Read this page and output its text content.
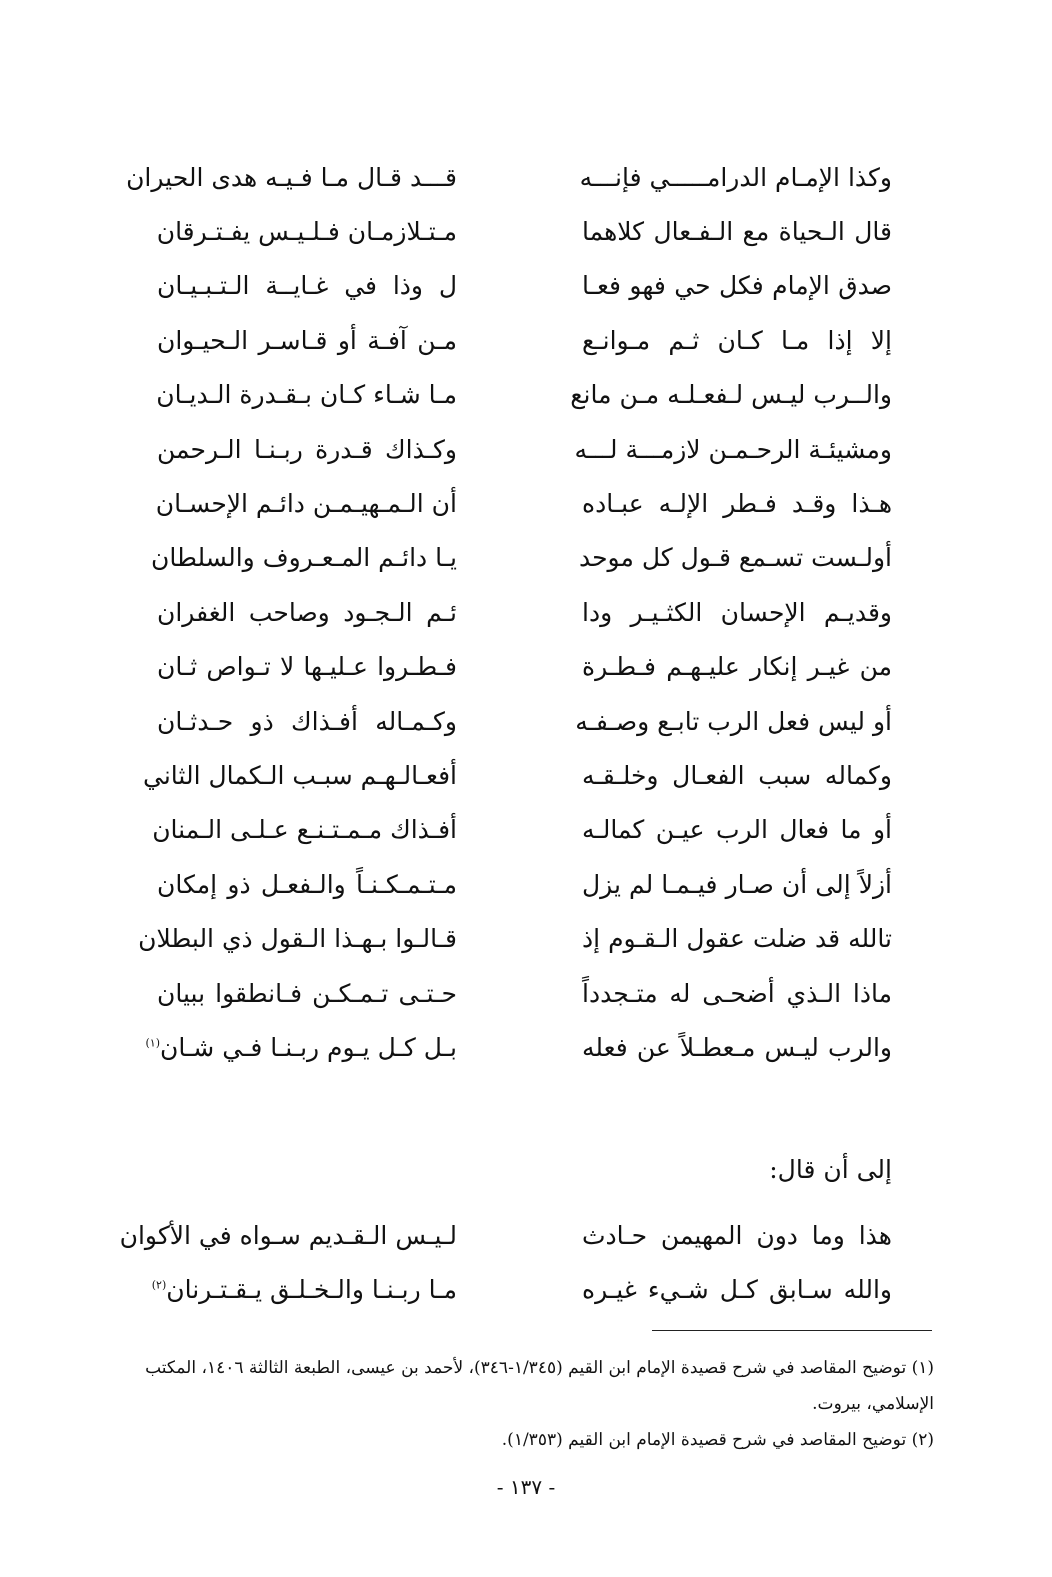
وكذا الإمـام الدرامـــــي فإنـــه
قـــد قـال مـا فـيـه هدى الحيران
قال الـحياة مع الـفـعال كلاهما
مـتـلازمـان فـلـيـس يفـتـرقان
صدق الإمام فكل حي فهو فعـا
ل وذا في غـايــة الـتـبـيـان
إلا إذا مـا كـان ثـم مـوانـع
مـن آفـة أو قـاسـر الـحيـوان
والــرب ليـس لـفعـلـه مـن مانع
مـا شـاء كـان بـقـدرة الـديـان
ومشيئـة الرحـمـن لازمـــة لـــه
وكـذاك قـدرة ربـنـا الـرحمن
هـذا وقـد فـطر الإلـه عبـاده
أن الـمـهيـمـن دائـم الإحسـان
أولـست تسـمع قـول كل موحد
يـا دائـم المـعـروف والسلطان
وقديـم الإحسان الكثـيـر ودا
ئـم الـجـود وصاحب الغفران
من غيـر إنكار عليـهـم فـطـرة
فـطـروا عـليـها لا تـواص ثـان
أو ليس فعل الرب تابـع وصـفـه
وكـمـاله أفـذاك ذو حـدثـان
وكماله سبب الفعـال وخلـقـه
أفعـالـهـم سبـب الـكمال الثاني
أو ما فعال الرب عيـن كمالـه
أفـذاك مـمـتـنـع عـلـى الـمنان
أزلاً إلى أن صـار فيـمـا لم يزل
مـتـمـكـنـاً والـفعـل ذو إمكان
تالله قد ضلت عقول الـقـوم إذ
قـالـوا بـهـذا الـقول ذي البطلان
ماذا الـذي أضحـى له متـجدداً
حـتـى تـمـكـن فـانطقوا ببيان
والرب ليـس مـعطـلاً عن فعله
بـل كـل يـوم ربـنـا فـي شـان$^{(١)}$
إلى أن قال:
هذا وما دون المهيمن حـادث
لـيـس الـقـديم سـواه في الأكوان
والله سـابق كـل شـيء غيـره
مـا ربـنـا والـخـلـق يـقـتـرنان$^{(٢)}$

(١) توضيح المقاصد في شرح قصيدة الإمام ابن القيم (١/٣٤٥-٣٤٦)، لأحمد بن عيسى، الطبعة الثالثة ١٤٠٦، المكتب الإسلامي، بيروت.

(٢) توضيح المقاصد في شرح قصيدة الإمام ابن القيم (١/٣٥٣).

- ١٣٧ -
